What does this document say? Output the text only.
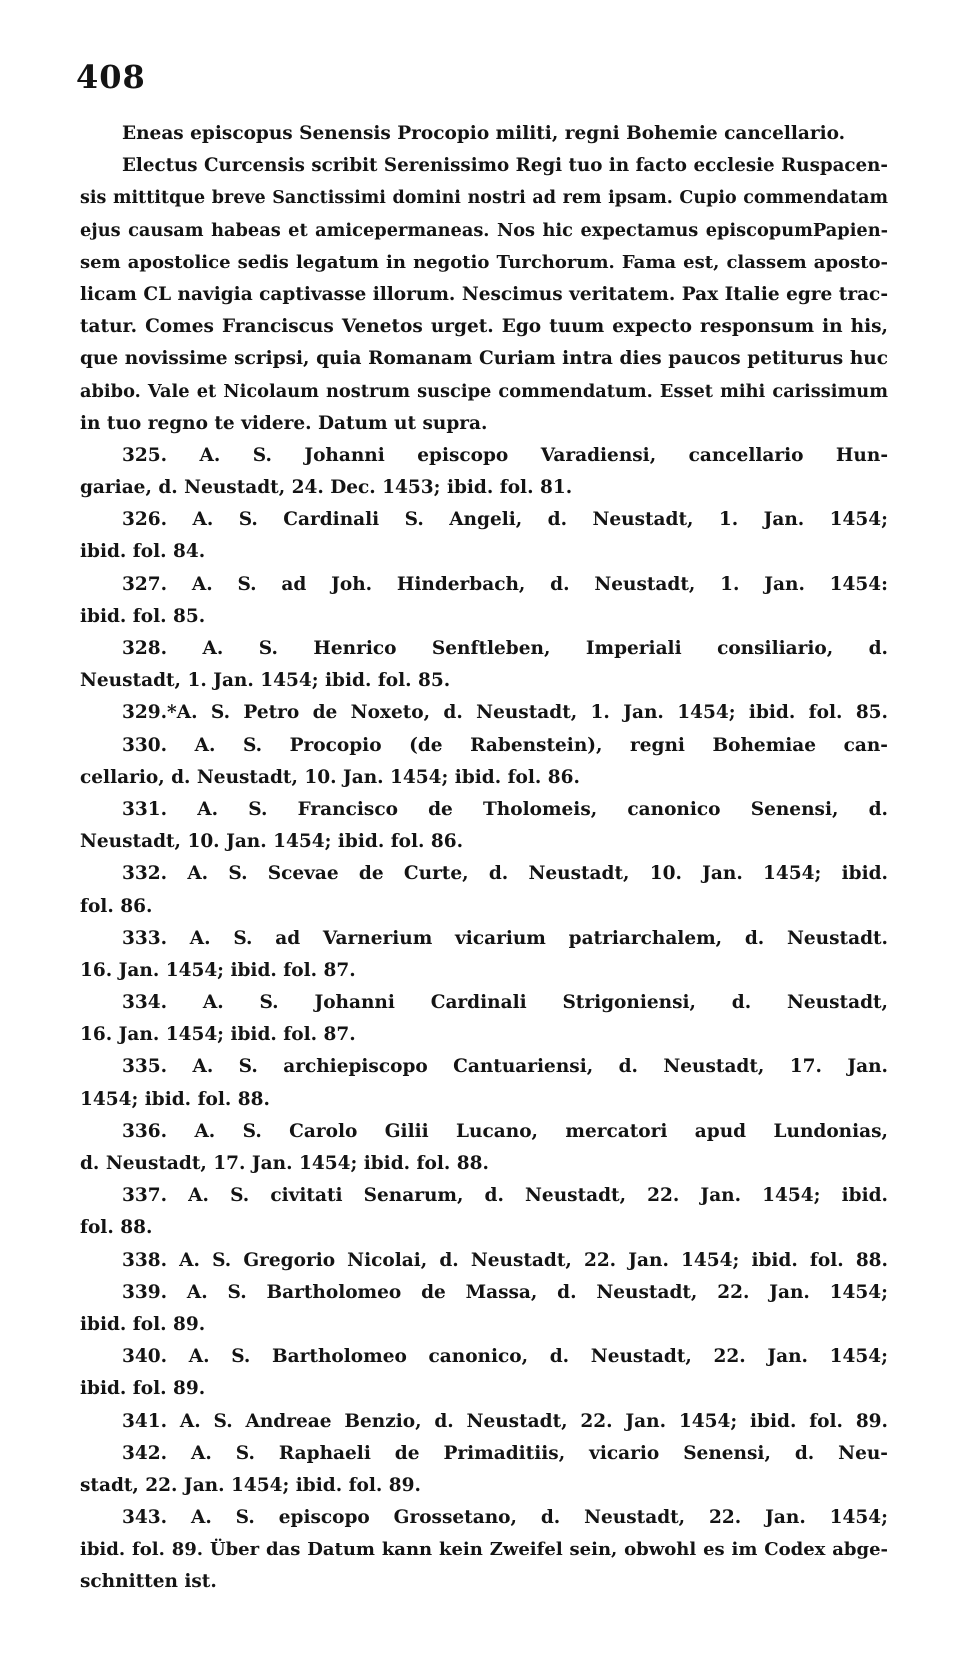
408
Eneas episcopus Senensis Procopio militi, regni Bohemie cancellario.
Electus Curcensis scribit Serenissimo Regi tuo in facto ecclesie Ruspacen-
sis mittitque breve Sanctissimi domini nostri ad rem ipsam. Cupio commendatam
ejus causam habeas et amicepermaneas. Nos hic expectamus episcopumPapien-
sem apostolice sedis legatum in negotio Turchorum. Fama est, classem aposto-
licam CL navigia captivasse illorum. Nescimus veritatem. Pax Italie egre trac-
tatur. Comes Franciscus Venetos urget. Ego tuum expecto responsum in his,
que novissime scripsi, quia Romanam Curiam intra dies paucos petiturus huc
abibo. Vale et Nicolaum nostrum suscipe commendatum. Esset mihi carissimum
in tuo regno te videre. Datum ut supra.
325. A. S. Johanni episcopo Varadiensi, cancellario Hun-
gariae, d. Neustadt, 24. Dec. 1453; ibid. fol. 81.
326. A. S. Cardinali S. Angeli, d. Neustadt, 1. Jan. 1454;
ibid. fol. 84.
327. A. S. ad Joh. Hinderbach, d. Neustadt, 1. Jan. 1454:
ibid. fol. 85.
328. A. S. Henrico Senftleben, Imperiali consiliario, d.
Neustadt, 1. Jan. 1454; ibid. fol. 85.
329.*A. S. Petro de Noxeto, d. Neustadt, 1. Jan. 1454; ibid. fol. 85.
330. A. S. Procopio (de Rabenstein), regni Bohemiae can-
cellario, d. Neustadt, 10. Jan. 1454; ibid. fol. 86.
331. A. S. Francisco de Tholomeis, canonico Senensi, d.
Neustadt, 10. Jan. 1454; ibid. fol. 86.
332. A. S. Scevae de Curte, d. Neustadt, 10. Jan. 1454; ibid.
fol. 86.
333. A. S. ad Varnerium vicarium patriarchalem, d. Neustadt.
16. Jan. 1454; ibid. fol. 87.
334. A. S. Johanni Cardinali Strigoniensi, d. Neustadt,
16. Jan. 1454; ibid. fol. 87.
335. A. S. archiepiscopo Cantuariensi, d. Neustadt, 17. Jan.
1454; ibid. fol. 88.
336. A. S. Carolo Gilii Lucano, mercatori apud Lundonias,
d. Neustadt, 17. Jan. 1454; ibid. fol. 88.
337. A. S. civitati Senarum, d. Neustadt, 22. Jan. 1454; ibid.
fol. 88.
338. A. S. Gregorio Nicolai, d. Neustadt, 22. Jan. 1454; ibid. fol. 88.
339. A. S. Bartholomeo de Massa, d. Neustadt, 22. Jan. 1454;
ibid. fol. 89.
340. A. S. Bartholomeo canonico, d. Neustadt, 22. Jan. 1454;
ibid. fol. 89.
341. A. S. Andreae Benzio, d. Neustadt, 22. Jan. 1454; ibid. fol. 89.
342. A. S. Raphaeli de Primaditiis, vicario Senensi, d. Neu-
stadt, 22. Jan. 1454; ibid. fol. 89.
343. A. S. episcopo Grossetano, d. Neustadt, 22. Jan. 1454;
ibid. fol. 89. Über das Datum kann kein Zweifel sein, obwohl es im Codex abge-
schnitten ist.
